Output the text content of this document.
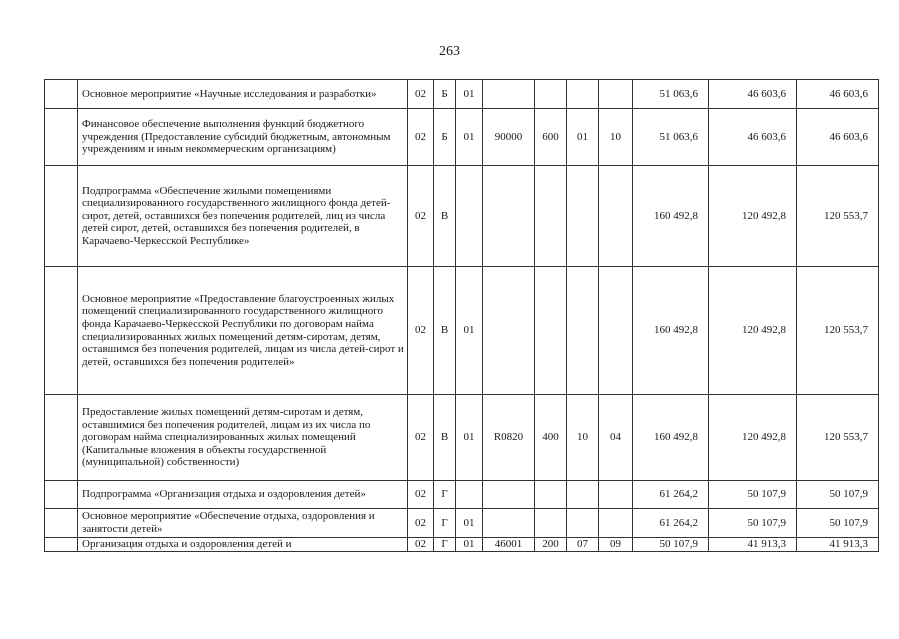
263
	Основное мероприятие «Научные исследования и разработки»	02	Б	01					51 063,6	46 603,6	46 603,6
	Финансовое обеспечение выполнения функций бюджетного учреждения (Предоставление субсидий бюджетным, автономным учреждениям и иным некоммерческим организациям)	02	Б	01	90000	600	01	10	51 063,6	46 603,6	46 603,6
	Подпрограмма «Обеспечение жилыми помещениями специализированного государственного жилищного фонда детей-сирот, детей, оставшихся без попечения родителей, лиц из числа детей сирот, детей, оставшихся без попечения родителей, в Карачаево-Черкесской Республике»	02	В						160 492,8	120 492,8	120 553,7
	Основное мероприятие «Предоставление благоустроенных жилых помещений специализированного государственного жилищного фонда Карачаево-Черкесской Республики по договорам найма специализированных жилых помещений детям-сиротам, детям, оставшимся без попечения родителей, лицам из числа детей-сирот и детей, оставшихся без попечения родителей»	02	В	01					160 492,8	120 492,8	120 553,7
	Предоставление жилых помещений детям-сиротам и детям, оставшимися без попечения родителей, лицам из их числа по договорам найма специализированных жилых помещений (Капитальные вложения в объекты государственной (муниципальной) собственности)	02	В	01	R0820	400	10	04	160 492,8	120 492,8	120 553,7
	Подпрограмма «Организация отдыха и оздоровления детей»	02	Г						61 264,2	50 107,9	50 107,9
	Основное мероприятие «Обеспечение отдыха, оздоровления и занятости детей»	02	Г	01					61 264,2	50 107,9	50 107,9
	Организация отдыха и оздоровления детей и	02	Г	01	46001	200	07	09	50 107,9	41 913,3	41 913,3
